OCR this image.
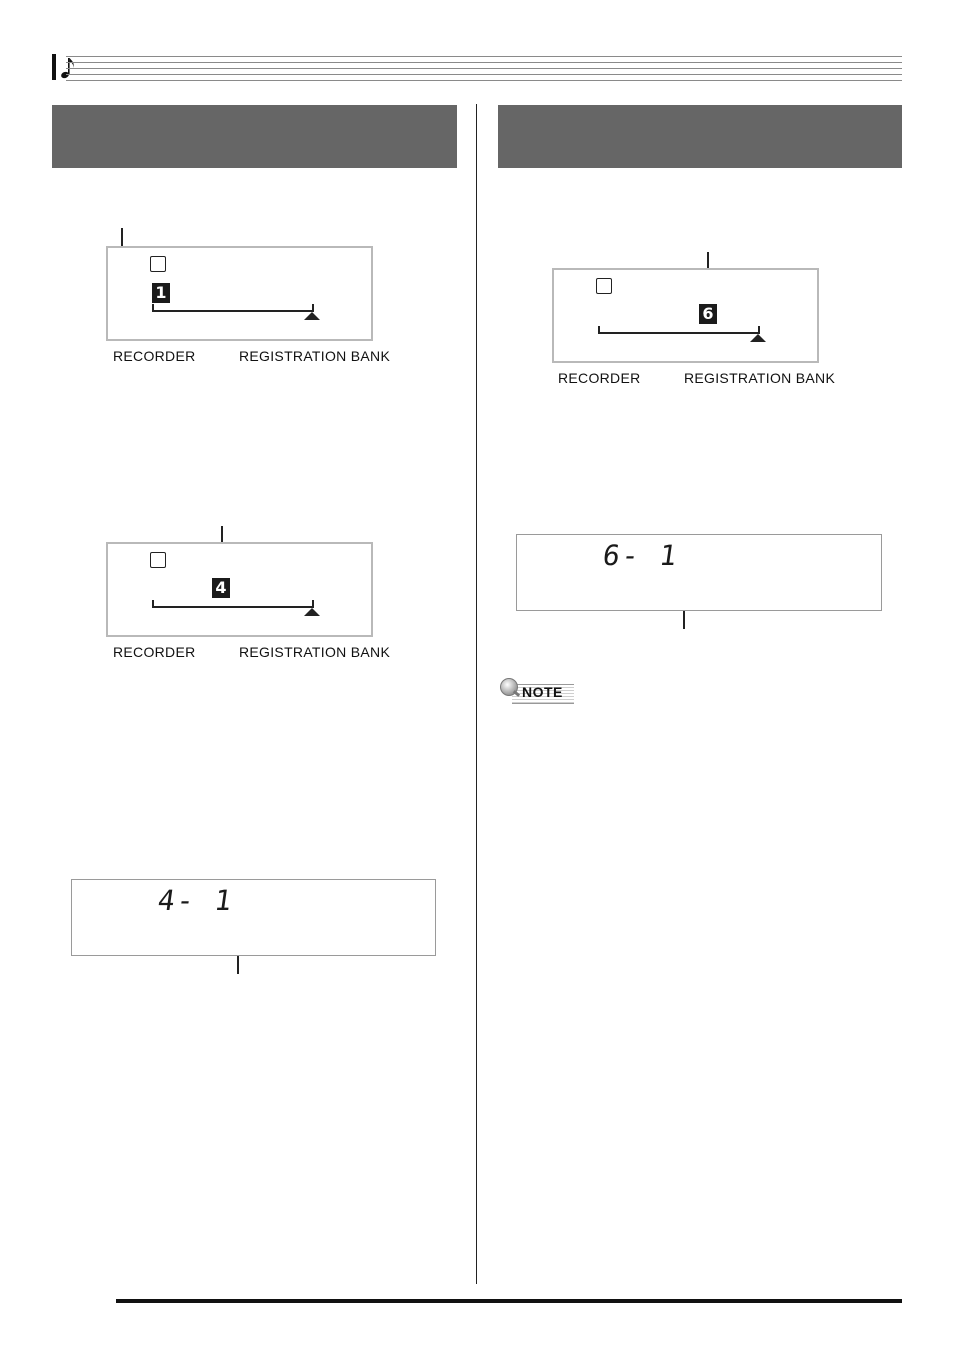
1
RECORDER	REGISTRATION BANK
4
RECORDER	REGISTRATION BANK
4- 1
6
RECORDER	REGISTRATION BANK
6- 1
NOTE
